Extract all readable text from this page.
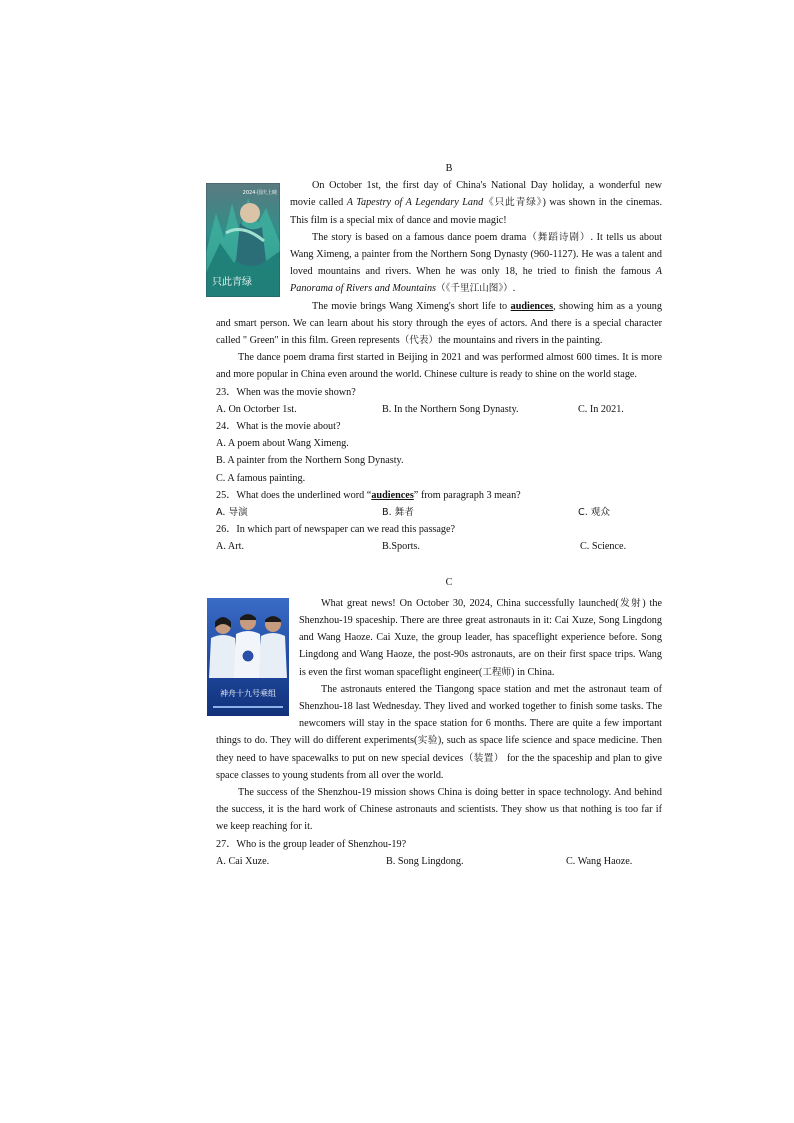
B
2024·国庆上映
只此青绿

On October 1st, the first day of China's National Day holiday, a wonderful new movie called A Tapestry of A Legendary Land《只此青绿》) was shown in the cinemas. This film is a special mix of dance and movie magic!

The story is based on a famous dance poem drama（舞蹈诗剧）. It tells us about Wang Ximeng, a painter from the Northern Song Dynasty (960-1127). He was a talent and loved mountains and rivers. When he was only 18, he tried to finish the famous A Panorama of Rivers and Mountains（《千里江山图》）.

The movie brings Wang Ximeng's short life to audiences, showing him as a young and smart person. We can learn about his story through the eyes of actors. And there is a special character called " Green" in this film. Green represents（代表）the mountains and rivers in the painting.

The dance poem drama first started in Beijing in 2021 and was performed almost 600 times. It is more and more popular in China even around the world. Chinese culture is ready to shine on the world stage.

23．When was the movie shown?
A. On Octorber 1st.	B. In the Northern Song Dynasty.	C. In 2021.
24．What is the movie about?
A. A poem about Wang Ximeng.
B. A painter from the Northern Song Dynasty.
C. A famous painting.
25．What does the underlined word “audiences” from paragraph 3 mean?
A. 导演	B. 舞者	C. 观众
26．In which part of newspaper can we read this passage?
A. Art.	B.Sports.	C. Science.
C
神舟十九号乘组

What great news! On October 30, 2024, China successfully launched(发射) the Shenzhou-19 spaceship. There are three great astronauts in it: Cai Xuze, Song Lingdong and Wang Haoze. Cai Xuze, the group leader, has spaceflight experience before. Song Lingdong and Wang Haoze, the post-90s astronauts, are on their first space trips. Wang is even the first woman spaceflight engineer(工程师) in China.

The astronauts entered the Tiangong space station and met the astronaut team of Shenzhou-18 last Wednesday. They lived and worked together to finish some tasks. The newcomers will stay in the space station for 6 months. There are quite a few important things to do. They will do different experiments(实验), such as space life science and space medicine. Then they need to have spacewalks to put on new special devices（装置） for the the spaceship and plan to give space classes to young students from all over the world.

The success of the Shenzhou-19 mission shows China is doing better in space technology. And behind the success, it is the hard work of Chinese astronauts and scientists. They show us that nothing is too far if we keep reaching for it.

27．Who is the group leader of Shenzhou-19?
A. Cai Xuze.	B. Song Lingdong.	C. Wang Haoze.
